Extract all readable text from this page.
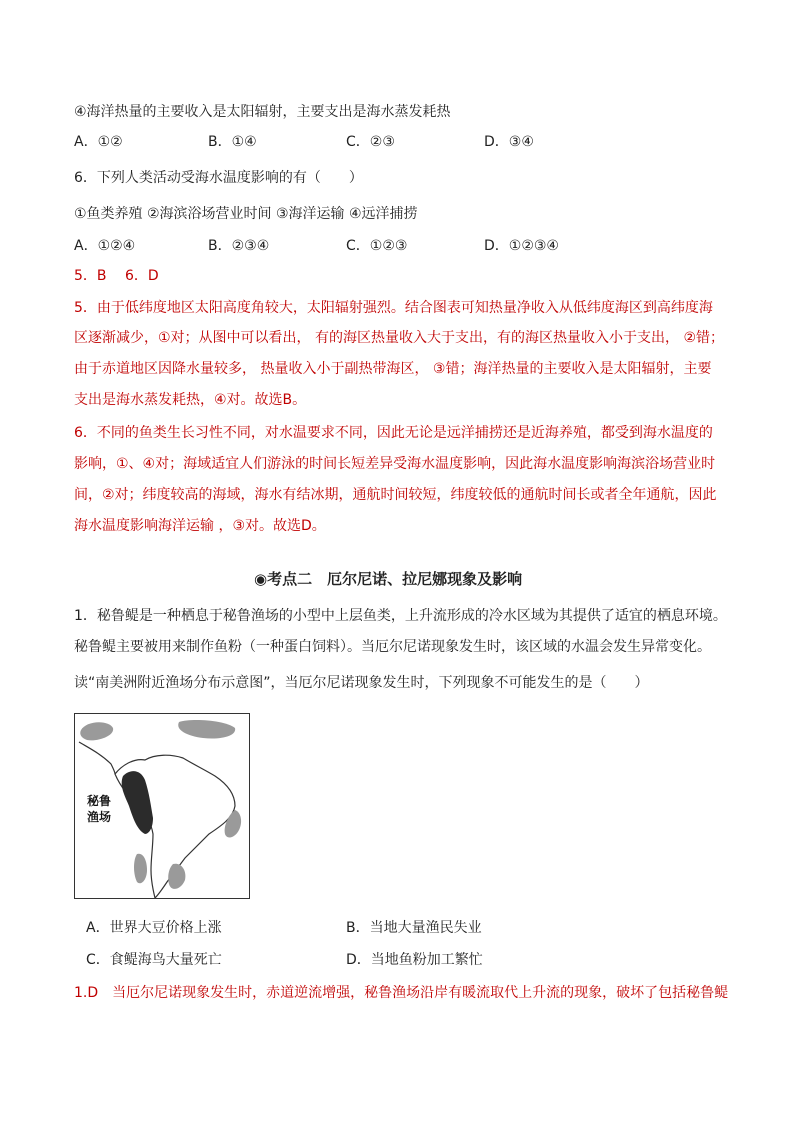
④海洋热量的主要收入是太阳辐射，主要支出是海水蒸发耗热
A．①②	B．①④	C．②③	D．③④
6．下列人类活动受海水温度影响的有（　　）
①鱼类养殖 ②海滨浴场营业时间 ③海洋运输 ④远洋捕捞
A．①②④	B．②③④	C．①②③	D．①②③④
5．B　 6．D
5．由于低纬度地区太阳高度角较大，太阳辐射强烈。结合图表可知热量净收入从低纬度海区到高纬度海
区逐渐减少，①对；从图中可以看出， 有的海区热量收入大于支出，有的海区热量收入小于支出， ②错；
由于赤道地区因降水量较多， 热量收入小于副热带海区， ③错；海洋热量的主要收入是太阳辐射，主要
支出是海水蒸发耗热，④对。故选B。
6．不同的鱼类生长习性不同，对水温要求不同，因此无论是远洋捕捞还是近海养殖，都受到海水温度的
影响，①、④对；海域适宜人们游泳的时间长短差异受海水温度影响，因此海水温度影响海滨浴场营业时
间，②对；纬度较高的海域，海水有结冰期，通航时间较短，纬度较低的通航时间长或者全年通航，因此
海水温度影响海洋运输 ，③对。故选D。
◉考点二　厄尔尼诺、拉尼娜现象及影响
1．秘鲁鳀是一种栖息于秘鲁渔场的小型中上层鱼类，上升流形成的冷水区域为其提供了适宜的栖息环境。
秘鲁鳀主要被用来制作鱼粉（一种蛋白饲料）。当厄尔尼诺现象发生时，该区域的水温会发生异常变化。
读“南美洲附近渔场分布示意图”，当厄尔尼诺现象发生时，下列现象不可能发生的是（　　）
秘鲁
渔场
A．世界大豆价格上涨	B．当地大量渔民失业
C．食鳀海鸟大量死亡	D．当地鱼粉加工繁忙
1.D　当厄尔尼诺现象发生时，赤道逆流增强，秘鲁渔场沿岸有暖流取代上升流的现象，破坏了包括秘鲁鳀
